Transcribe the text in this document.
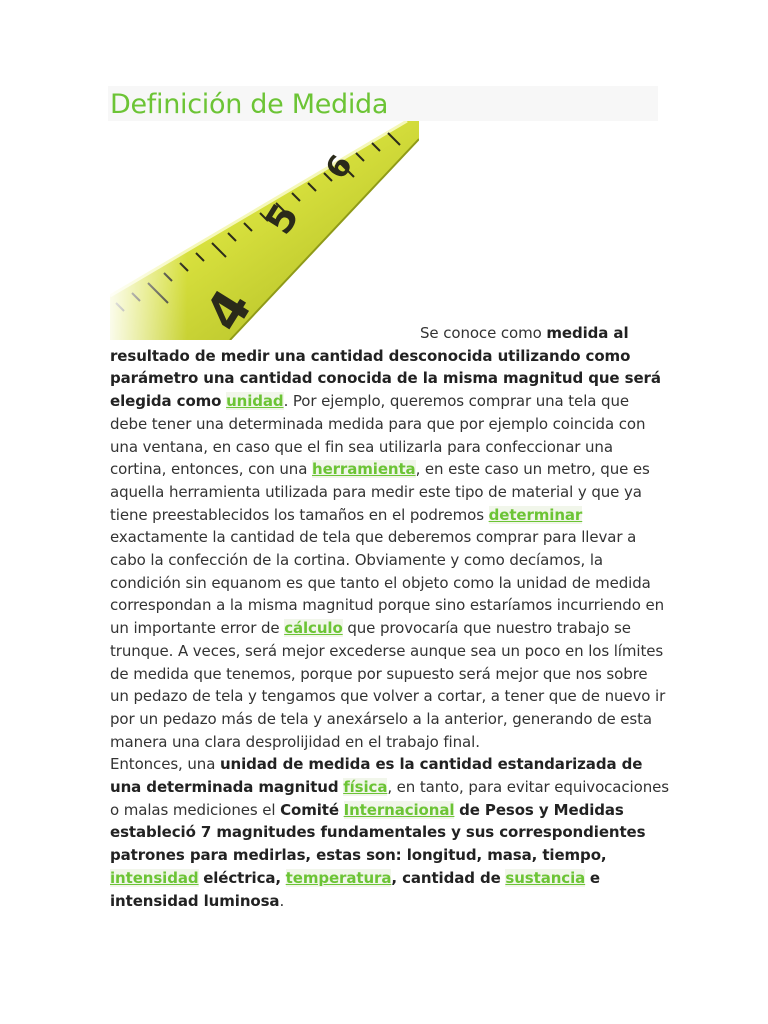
Definición de Medida
Se conoce como medida al resultado de medir una cantidad desconocida utilizando como parámetro una cantidad conocida de la misma magnitud que será elegida como unidad. Por ejemplo, queremos comprar una tela que debe tener una determinada medida para que por ejemplo coincida con una ventana, en caso que el fin sea utilizarla para confeccionar una cortina, entonces, con una herramienta, en este caso un metro, que es aquella herramienta utilizada para medir este tipo de material y que ya tiene preestablecidos los tamaños en el podremos determinar exactamente la cantidad de tela que deberemos comprar para llevar a cabo la confección de la cortina. Obviamente y como decíamos, la condición sin equanom es que tanto el objeto como la unidad de medida correspondan a la misma magnitud porque sino estaríamos incurriendo en un importante error de cálculo que provocaría que nuestro trabajo se trunque. A veces, será mejor excederse aunque sea un poco en los límites de medida que tenemos, porque por supuesto será mejor que nos sobre un pedazo de tela y tengamos que volver a cortar, a tener que de nuevo ir por un pedazo más de tela y anexárselo a la anterior, generando de esta manera una clara desprolijidad en el trabajo final.
Entonces, una unidad de medida es la cantidad estandarizada de una determinada magnitud física, en tanto, para evitar equivocaciones o malas mediciones el Comité Internacional de Pesos y Medidas estableció 7 magnitudes fundamentales y sus correspondientes patrones para medirlas, estas son: longitud, masa, tiempo, intensidad eléctrica, temperatura, cantidad de sustancia e intensidad luminosa.
